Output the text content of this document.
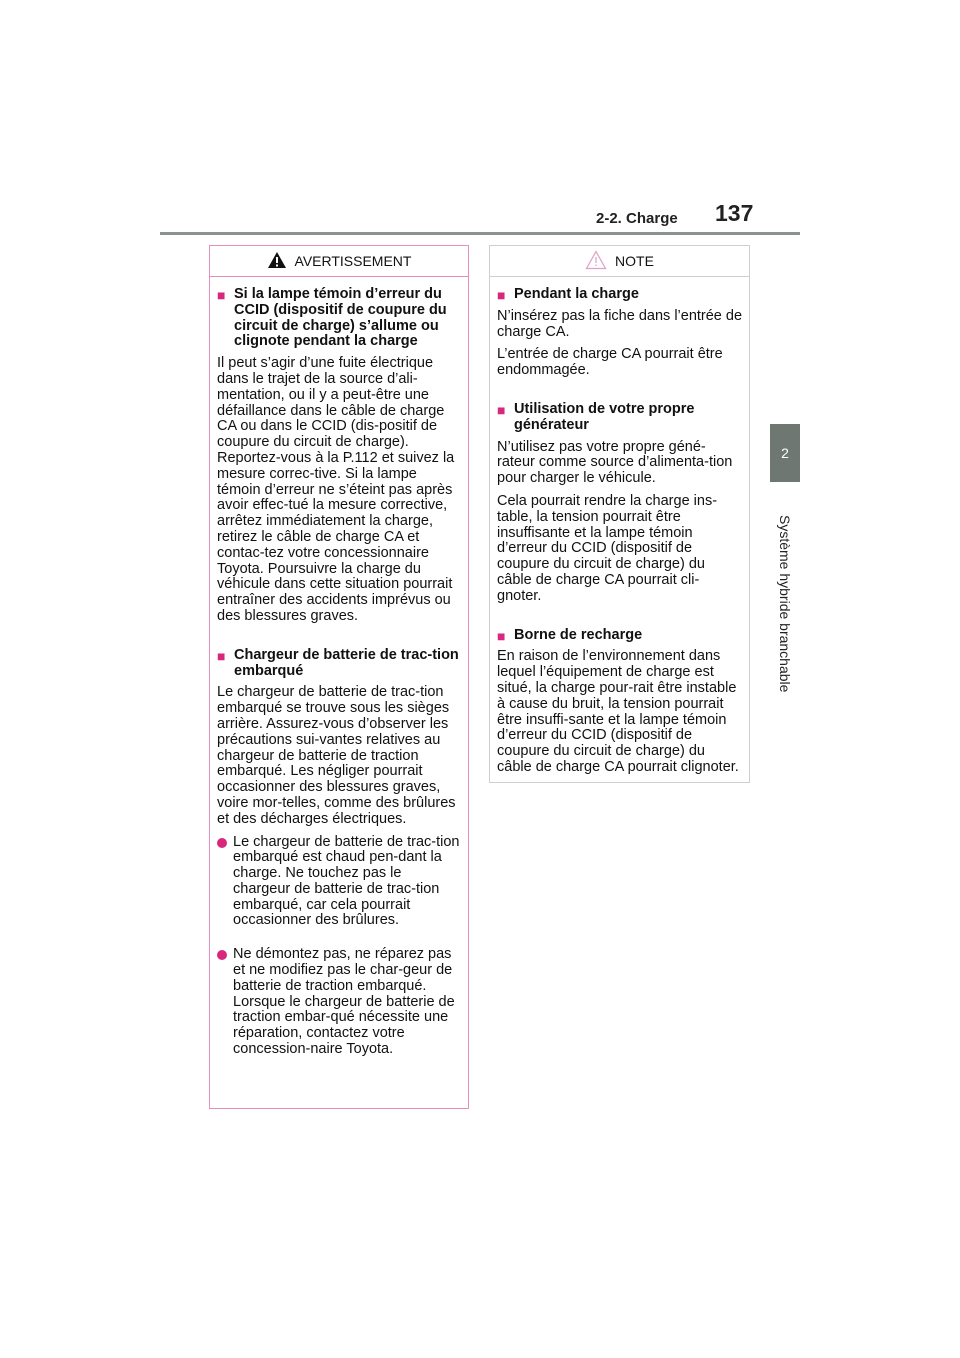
2-2. Charge 137
2
Système hybride branchable
AVERTISSEMENT
■ Si la lampe témoin d’erreur du CCID (dispositif de coupure du circuit de charge) s’allume ou clignote pendant la charge

Il peut s’agir d’une fuite électrique dans le trajet de la source d’ali-mentation, ou il y a peut-être une défaillance dans le câble de charge CA ou dans le CCID (dis-positif de coupure du circuit de charge). Reportez-vous à la P.112 et suivez la mesure correc-tive. Si la lampe témoin d’erreur ne s’éteint pas après avoir effec-tué la mesure corrective, arrêtez immédiatement la charge, retirez le câble de charge CA et contac-tez votre concessionnaire Toyota. Poursuivre la charge du véhicule dans cette situation pourrait entraîner des accidents imprévus ou des blessures graves.

■ Chargeur de batterie de trac-tion embarqué

Le chargeur de batterie de trac-tion embarqué se trouve sous les sièges arrière. Assurez-vous d’observer les précautions sui-vantes relatives au chargeur de batterie de traction embarqué. Les négliger pourrait occasionner des blessures graves, voire mor-telles, comme des brûlures et des décharges électriques.

Le chargeur de batterie de trac-tion embarqué est chaud pen-dant la charge. Ne touchez pas le chargeur de batterie de trac-tion embarqué, car cela pourrait occasionner des brûlures.
Ne démontez pas, ne réparez pas et ne modifiez pas le char-geur de batterie de traction embarqué. Lorsque le chargeur de batterie de traction embar-qué nécessite une réparation, contactez votre concession-naire Toyota.
NOTE
■ Pendant la charge

N’insérez pas la fiche dans l’entrée de charge CA.

L’entrée de charge CA pourrait être endommagée.

■ Utilisation de votre propre générateur

N’utilisez pas votre propre géné-rateur comme source d’alimenta-tion pour charger le véhicule.

Cela pourrait rendre la charge ins-table, la tension pourrait être insuffisante et la lampe témoin d’erreur du CCID (dispositif de coupure du circuit de charge) du câble de charge CA pourrait cli-gnoter.

■ Borne de recharge

En raison de l’environnement dans lequel l’équipement de charge est situé, la charge pour-rait être instable à cause du bruit, la tension pourrait être insuffi-sante et la lampe témoin d’erreur du CCID (dispositif de coupure du circuit de charge) du câble de charge CA pourrait clignoter.
